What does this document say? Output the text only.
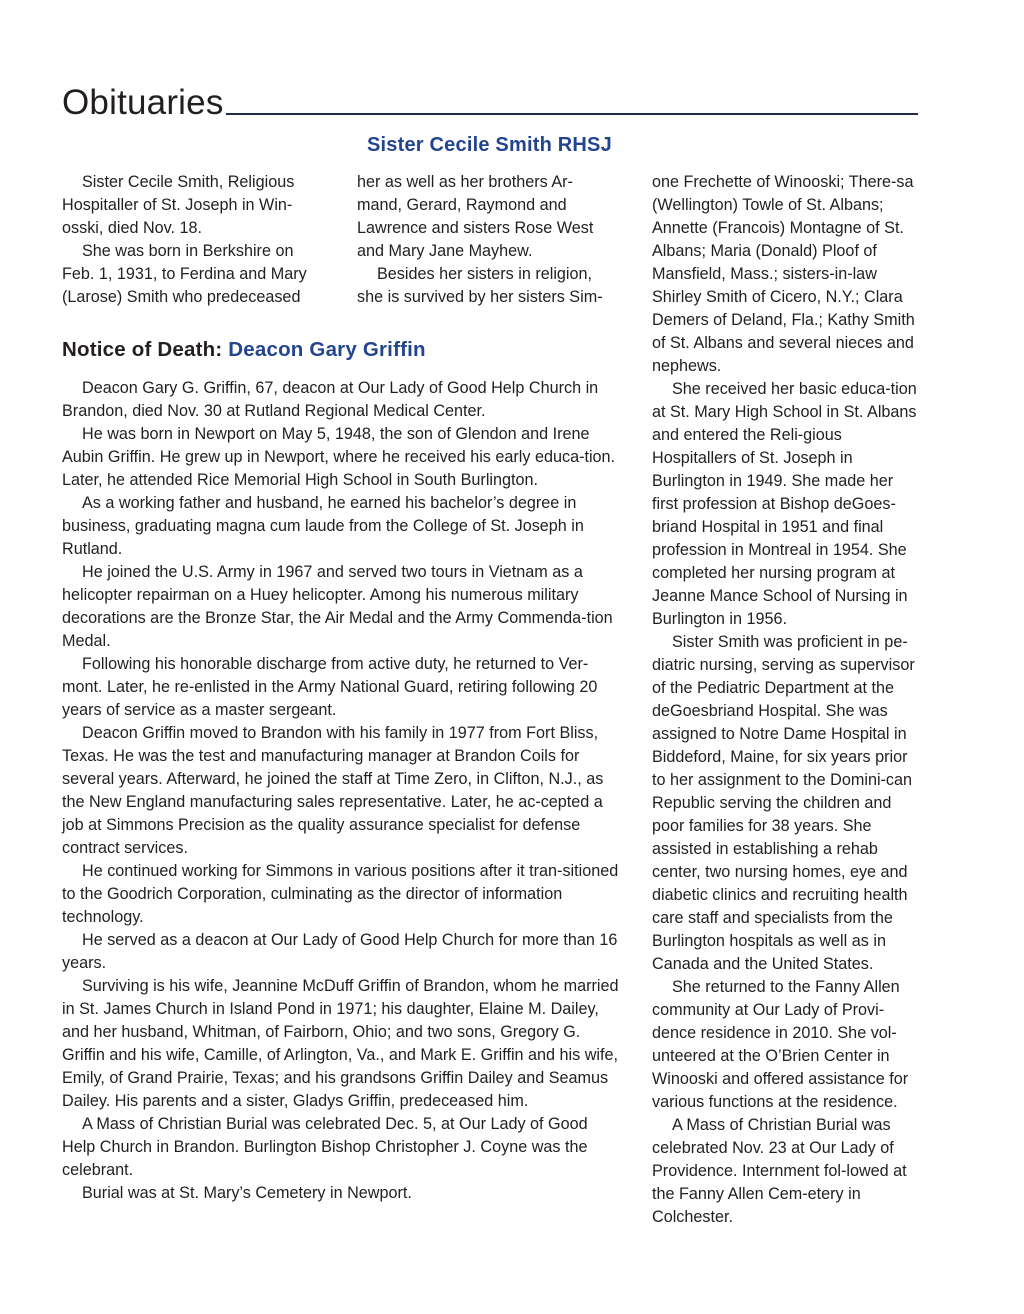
Obituaries
Sister Cecile Smith RHSJ

Sister Cecile Smith, Religious Hospitaller of St. Joseph in Win-osski, died Nov. 18.

She was born in Berkshire on Feb. 1, 1931, to Ferdina and Mary (Larose) Smith who predeceased

her as well as her brothers Ar-mand, Gerard, Raymond and Lawrence and sisters Rose West and Mary Jane Mayhew.

Besides her sisters in religion, she is survived by her sisters Sim-

one Frechette of Winooski; There-sa (Wellington) Towle of St. Albans; Annette (Francois) Montagne of St. Albans; Maria (Donald) Ploof of Mansfield, Mass.; sisters-in-law Shirley Smith of Cicero, N.Y.; Clara Demers of Deland, Fla.; Kathy Smith of St. Albans and several nieces and nephews.

She received her basic educa-tion at St. Mary High School in St. Albans and entered the Reli-gious Hospitallers of St. Joseph in Burlington in 1949. She made her first profession at Bishop deGoes-briand Hospital in 1951 and final profession in Montreal in 1954. She completed her nursing program at Jeanne Mance School of Nursing in Burlington in 1956.

Sister Smith was proficient in pe-diatric nursing, serving as supervisor of the Pediatric Department at the deGoesbriand Hospital. She was assigned to Notre Dame Hospital in Biddeford, Maine, for six years prior to her assignment to the Domini-can Republic serving the children and poor families for 38 years. She assisted in establishing a rehab center, two nursing homes, eye and diabetic clinics and recruiting health care staff and specialists from the Burlington hospitals as well as in Canada and the United States.

She returned to the Fanny Allen community at Our Lady of Provi-dence residence in 2010. She vol-unteered at the O’Brien Center in Winooski and offered assistance for various functions at the residence.

A Mass of Christian Burial was celebrated Nov. 23 at Our Lady of Providence. Internment fol-lowed at the Fanny Allen Cem-etery in Colchester.

Notice of Death: Deacon Gary Griffin

Deacon Gary G. Griffin, 67, deacon at Our Lady of Good Help Church in Brandon, died Nov. 30 at Rutland Regional Medical Center.

He was born in Newport on May 5, 1948, the son of Glendon and Irene Aubin Griffin. He grew up in Newport, where he received his early educa-tion. Later, he attended Rice Memorial High School in South Burlington.

As a working father and husband, he earned his bachelor’s degree in business, graduating magna cum laude from the College of St. Joseph in Rutland.

He joined the U.S. Army in 1967 and served two tours in Vietnam as a helicopter repairman on a Huey helicopter. Among his numerous military decorations are the Bronze Star, the Air Medal and the Army Commenda-tion Medal.

Following his honorable discharge from active duty, he returned to Ver-mont. Later, he re-enlisted in the Army National Guard, retiring following 20 years of service as a master sergeant.

Deacon Griffin moved to Brandon with his family in 1977 from Fort Bliss, Texas. He was the test and manufacturing manager at Brandon Coils for several years. Afterward, he joined the staff at Time Zero, in Clifton, N.J., as the New England manufacturing sales representative. Later, he ac-cepted a job at Simmons Precision as the quality assurance specialist for defense contract services.

He continued working for Simmons in various positions after it tran-sitioned to the Goodrich Corporation, culminating as the director of information technology.

He served as a deacon at Our Lady of Good Help Church for more than 16 years.

Surviving is his wife, Jeannine McDuff Griffin of Brandon, whom he married in St. James Church in Island Pond in 1971; his daughter, Elaine M. Dailey, and her husband, Whitman, of Fairborn, Ohio; and two sons, Gregory G. Griffin and his wife, Camille, of Arlington, Va., and Mark E. Griffin and his wife, Emily, of Grand Prairie, Texas; and his grandsons Griffin Dailey and Seamus Dailey. His parents and a sister, Gladys Griffin, predeceased him.

A Mass of Christian Burial was celebrated Dec. 5, at Our Lady of Good Help Church in Brandon. Burlington Bishop Christopher J. Coyne was the celebrant.

Burial was at St. Mary’s Cemetery in Newport.
